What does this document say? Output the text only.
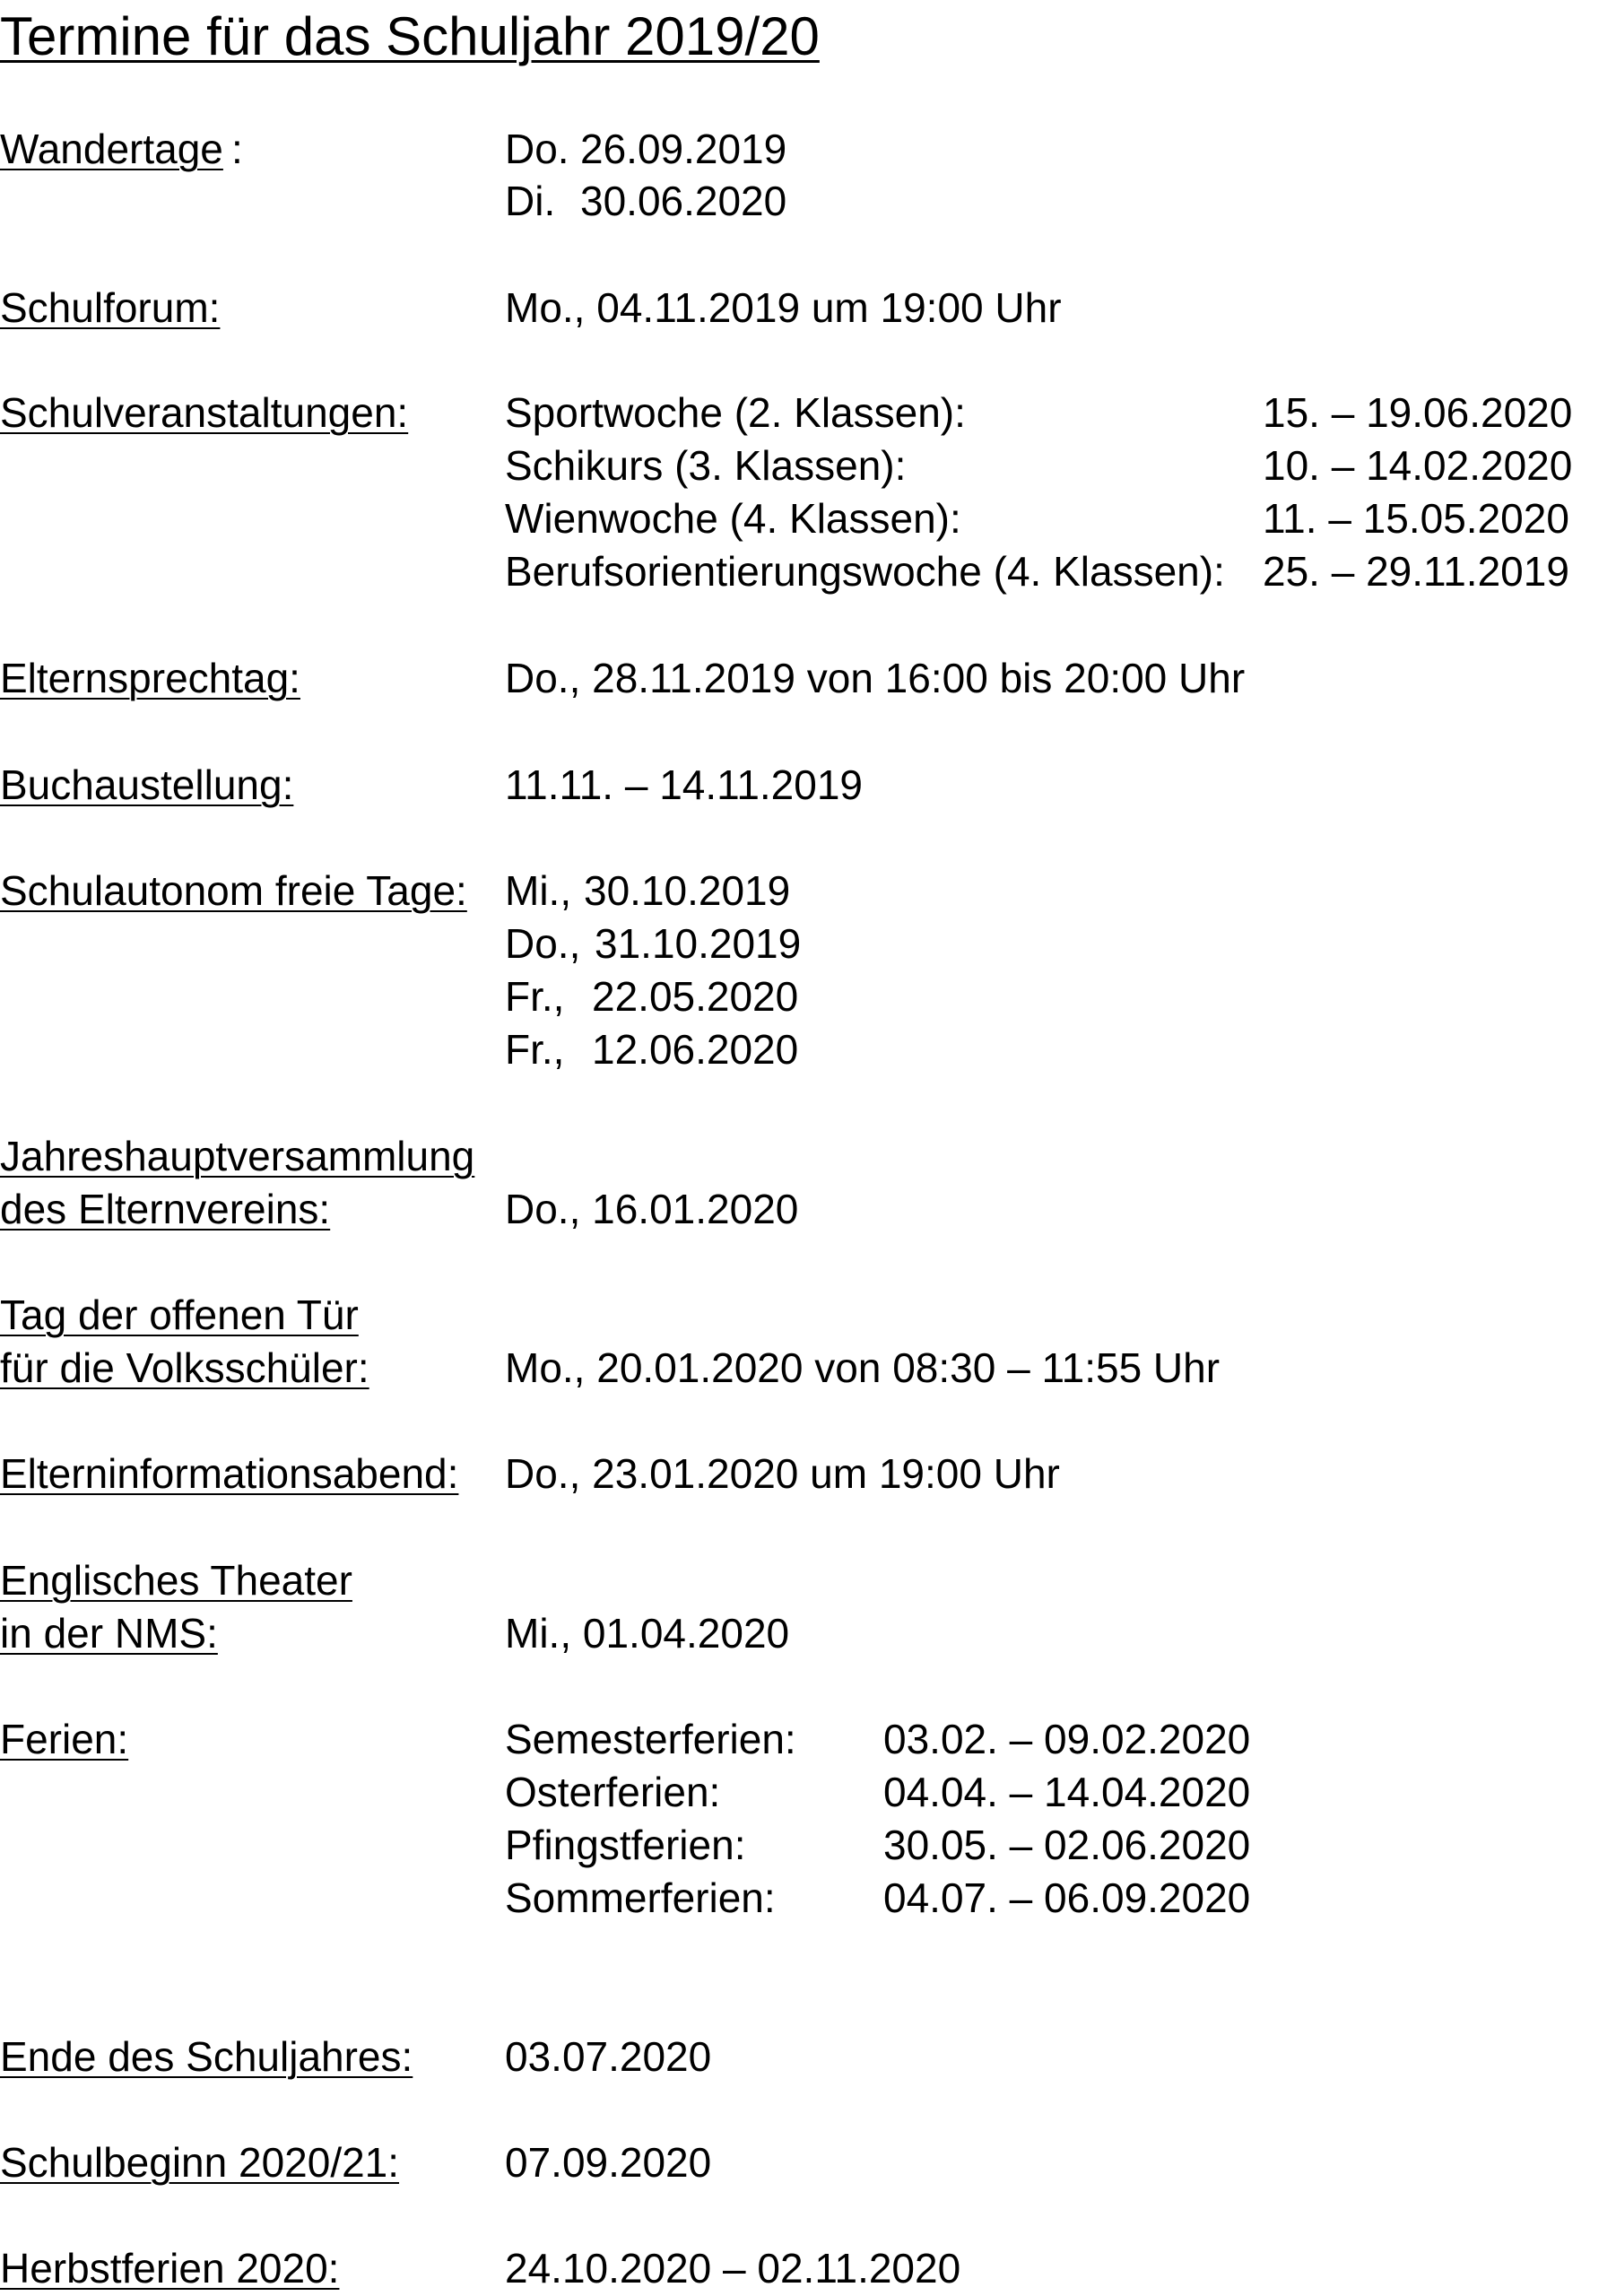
Termine für das Schuljahr 2019/20
Wandertage :	Do. 26.09.2019
Di. 30.06.2020
Schulforum:	Mo., 04.11.2019 um 19:00 Uhr
Schulveranstaltungen: Sportwoche (2. Klassen):	15. – 19.06.2020
Schikurs (3. Klassen):	10. – 14.02.2020
Wienwoche (4. Klassen):	11. – 15.05.2020
Berufsorientierungswoche (4. Klassen): 25. – 29.11.2019
Elternsprechtag:	Do., 28.11.2019 von 16:00 bis 20:00 Uhr
Buchaustellung:	11.11. – 14.11.2019
Schulautonom freie Tage: Mi., 30.10.2019
Do., 31.10.2019
Fr., 22.05.2020
Fr., 12.06.2020
Jahreshauptversammlung
des Elternvereins:	Do., 16.01.2020
Tag der offenen Tür
für die Volksschüler:	Mo., 20.01.2020 von 08:30 – 11:55 Uhr
Elterninformationsabend: Do., 23.01.2020 um 19:00 Uhr
Englisches Theater
in der NMS:	Mi., 01.04.2020
Ferien:	Semesterferien: 03.02. – 09.02.2020
Osterferien:	04.04. – 14.04.2020
Pfingstferien:	30.05. – 02.06.2020
Sommerferien:	04.07. – 06.09.2020
Ende des Schuljahres: 03.07.2020
Schulbeginn 2020/21:	07.09.2020
Herbstferien 2020:	24.10.2020 – 02.11.2020
